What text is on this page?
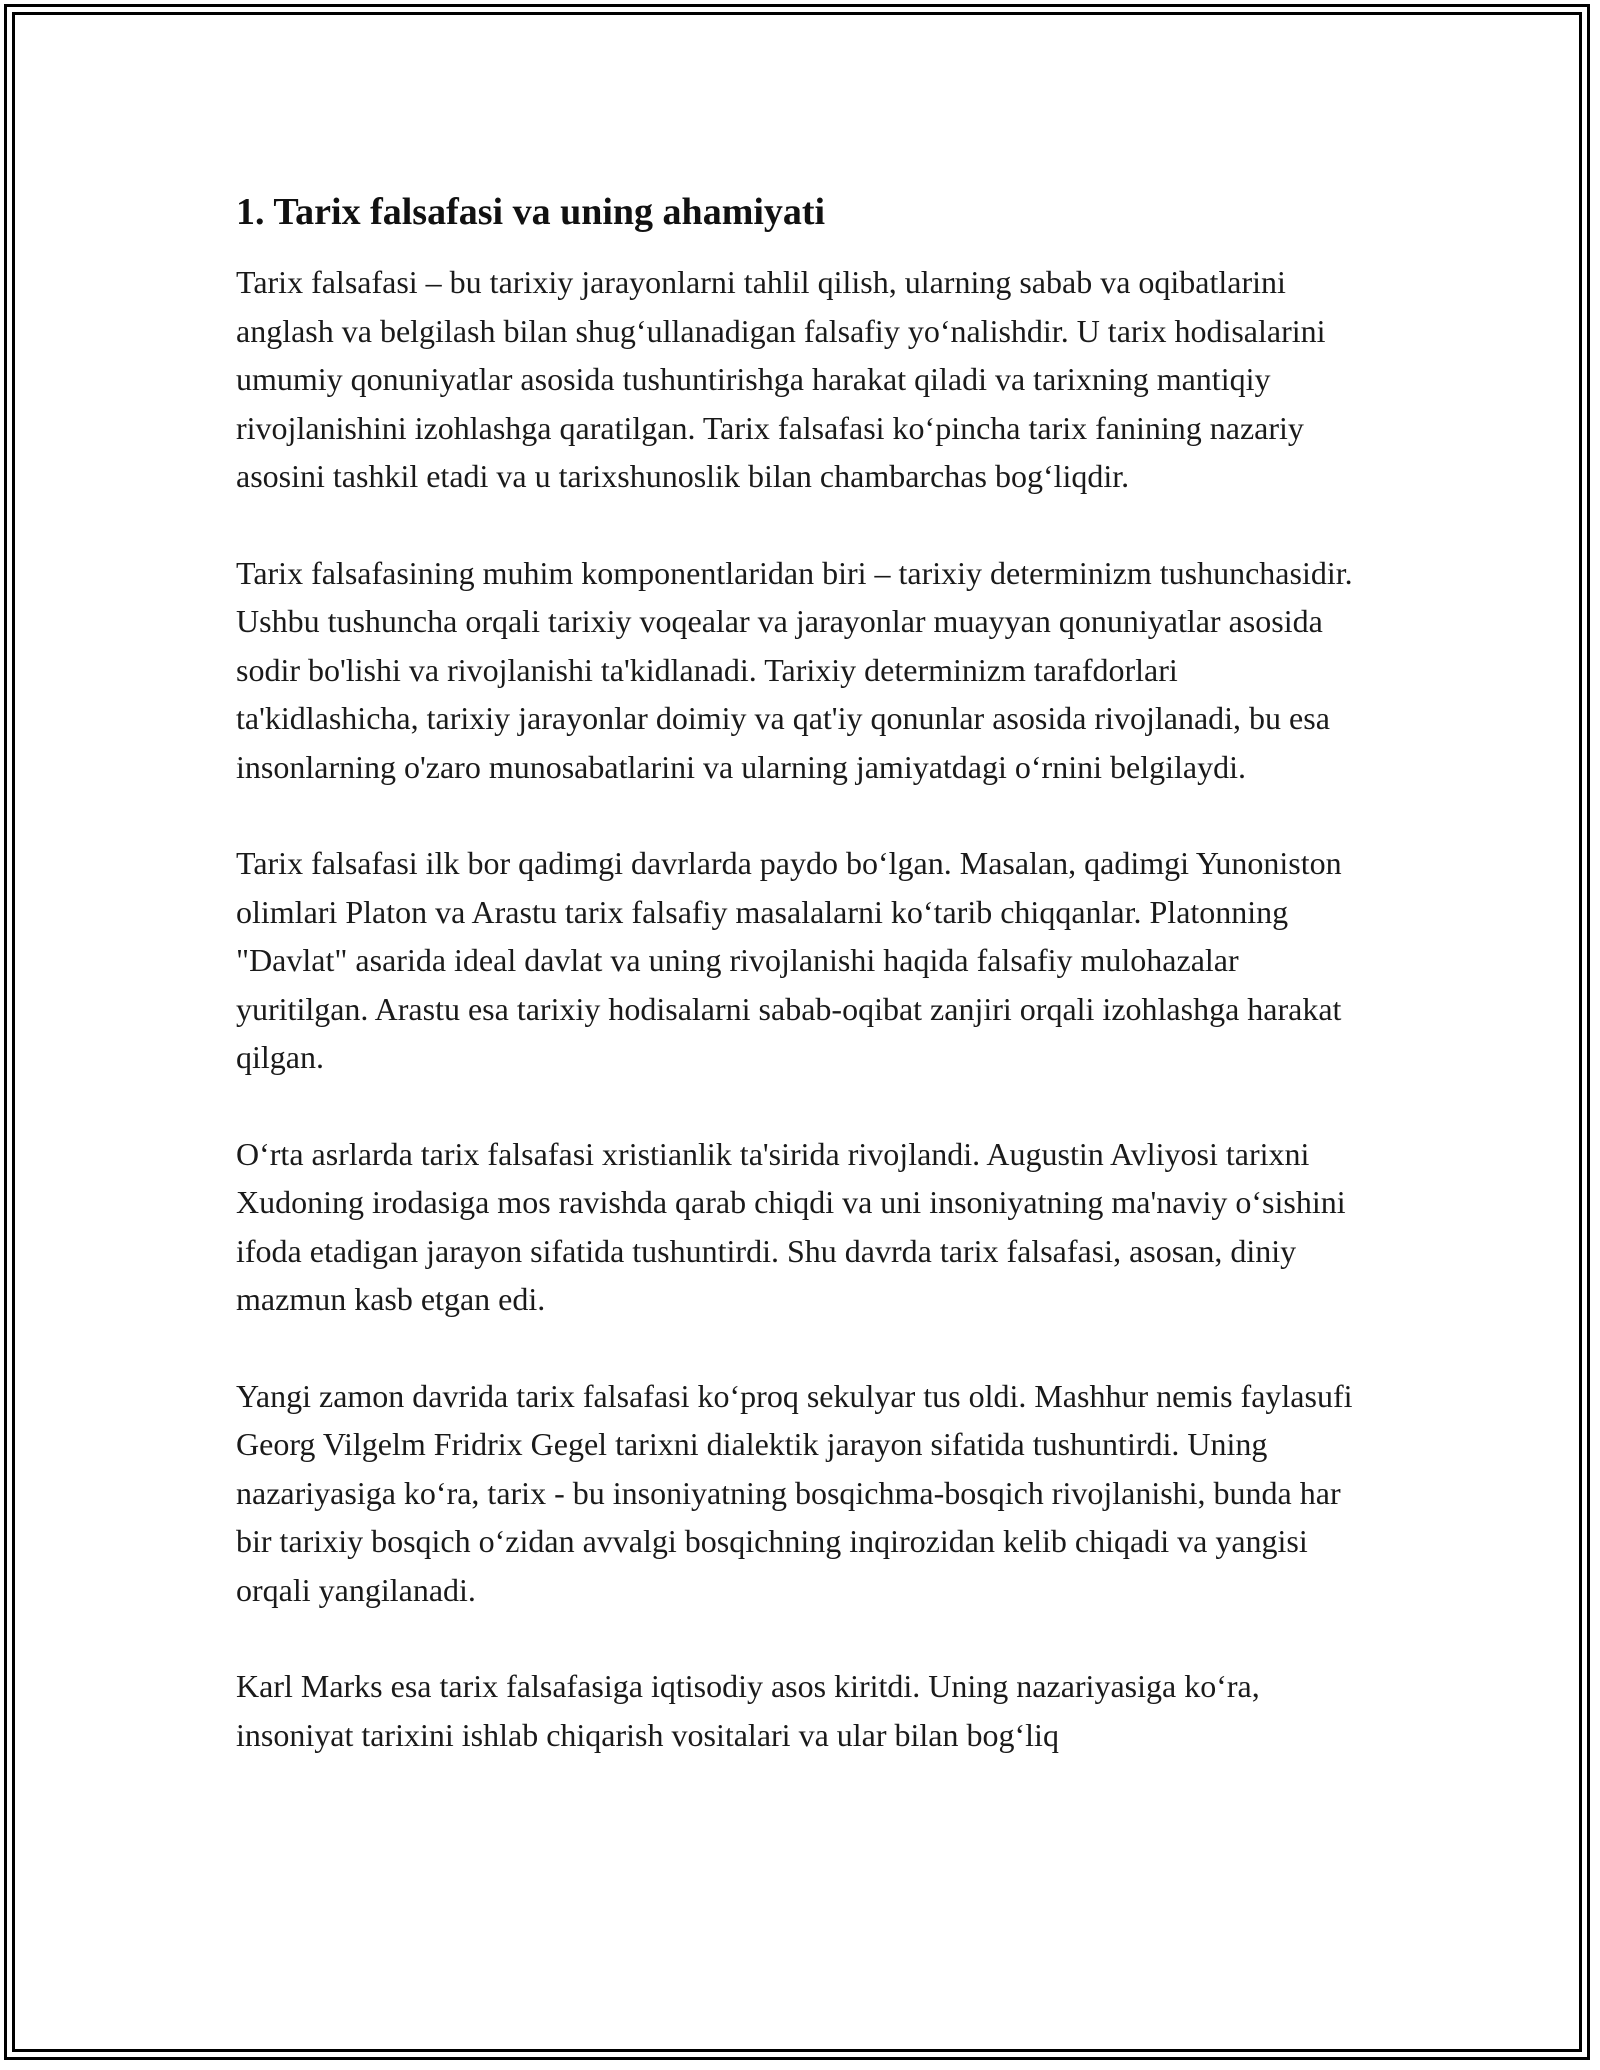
1. Tarix falsafasi va uning ahamiyati

Tarix falsafasi – bu tarixiy jarayonlarni tahlil qilish, ularning sabab va oqibatlarini anglash va belgilash bilan shug‘ullanadigan falsafiy yo‘nalishdir. U tarix hodisalarini umumiy qonuniyatlar asosida tushuntirishga harakat qiladi va tarixning mantiqiy rivojlanishini izohlashga qaratilgan. Tarix falsafasi ko‘pincha tarix fanining nazariy asosini tashkil etadi va u tarixshunoslik bilan chambarchas bog‘liqdir.

Tarix falsafasining muhim komponentlaridan biri – tarixiy determinizm tushunchasidir. Ushbu tushuncha orqali tarixiy voqealar va jarayonlar muayyan qonuniyatlar asosida sodir bo'lishi va rivojlanishi ta'kidlanadi. Tarixiy determinizm tarafdorlari ta'kidlashicha, tarixiy jarayonlar doimiy va qat'iy qonunlar asosida rivojlanadi, bu esa insonlarning o'zaro munosabatlarini va ularning jamiyatdagi o‘rnini belgilaydi.

Tarix falsafasi ilk bor qadimgi davrlarda paydo bo‘lgan. Masalan, qadimgi Yunoniston olimlari Platon va Arastu tarix falsafiy masalalarni ko‘tarib chiqqanlar. Platonning "Davlat" asarida ideal davlat va uning rivojlanishi haqida falsafiy mulohazalar yuritilgan. Arastu esa tarixiy hodisalarni sabab-oqibat zanjiri orqali izohlashga harakat qilgan.

O‘rta asrlarda tarix falsafasi xristianlik ta'sirida rivojlandi. Augustin Avliyosi tarixni Xudoning irodasiga mos ravishda qarab chiqdi va uni insoniyatning ma'naviy o‘sishini ifoda etadigan jarayon sifatida tushuntirdi. Shu davrda tarix falsafasi, asosan, diniy mazmun kasb etgan edi.

Yangi zamon davrida tarix falsafasi ko‘proq sekulyar tus oldi. Mashhur nemis faylasufi Georg Vilgelm Fridrix Gegel tarixni dialektik jarayon sifatida tushuntirdi. Uning nazariyasiga ko‘ra, tarix - bu insoniyatning bosqichma-bosqich rivojlanishi, bunda har bir tarixiy bosqich o‘zidan avvalgi bosqichning inqirozidan kelib chiqadi va yangisi orqali yangilanadi.

Karl Marks esa tarix falsafasiga iqtisodiy asos kiritdi. Uning nazariyasiga ko‘ra, insoniyat tarixini ishlab chiqarish vositalari va ular bilan bog‘liq
